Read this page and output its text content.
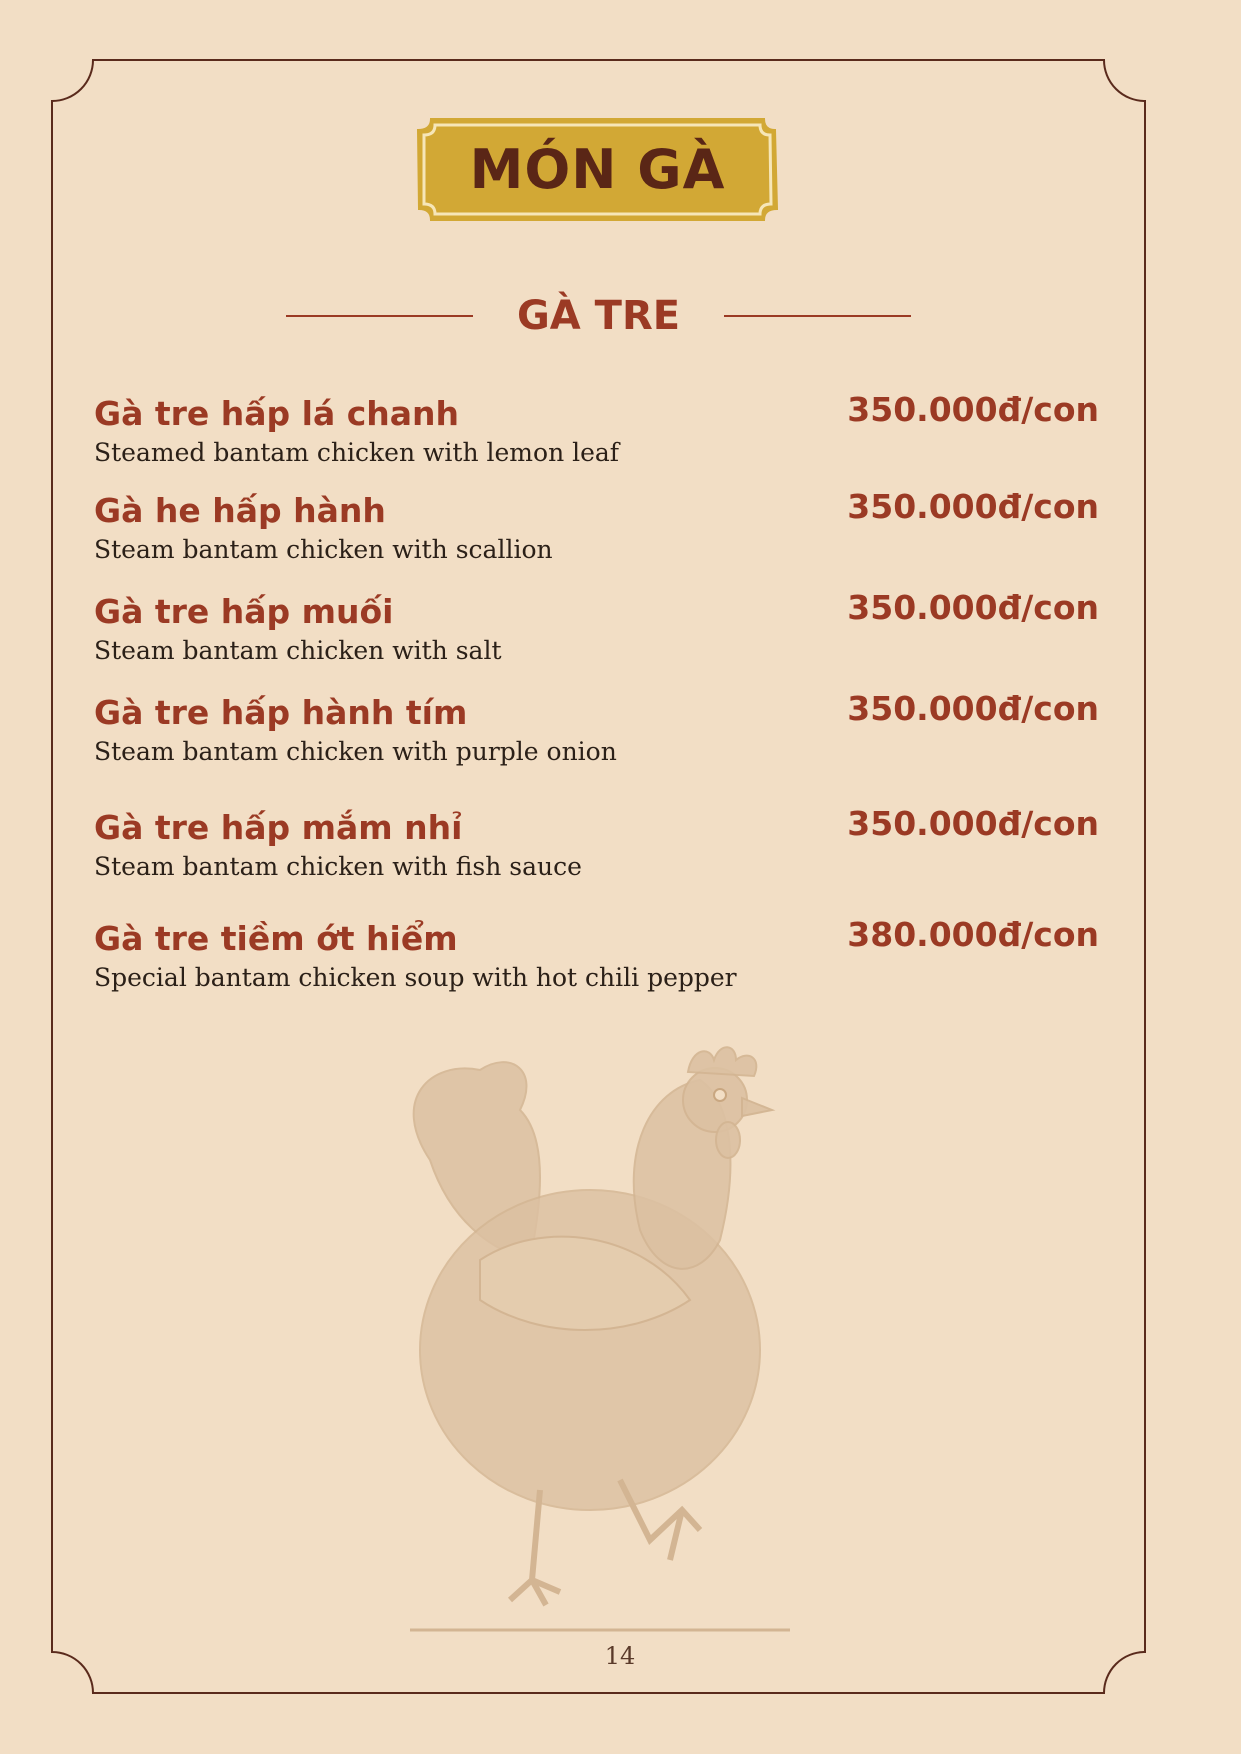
MÓN GÀ
GÀ TRE
Gà tre hấp lá chanh
Steamed bantam chicken with lemon leaf
350.000đ/con
Gà he hấp hành
Steam bantam chicken with scallion
350.000đ/con
Gà tre hấp muối
Steam bantam chicken with salt
350.000đ/con
Gà tre hấp hành tím
Steam bantam chicken with purple onion
350.000đ/con
Gà tre hấp mắm nhỉ
Steam bantam chicken with fish sauce
350.000đ/con
Gà tre tiềm ớt hiểm
Special bantam chicken soup with hot chili pepper
380.000đ/con
14
